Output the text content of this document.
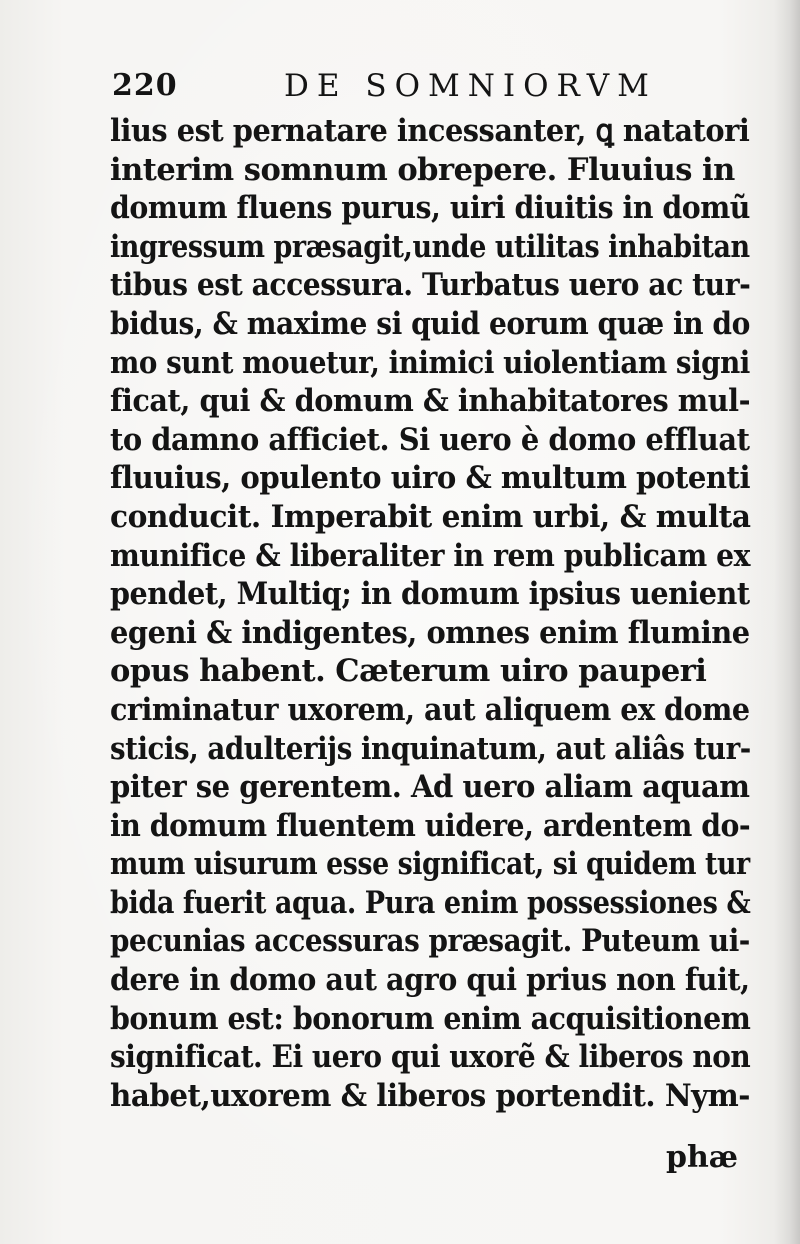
220	DE SOMNIORVM
lius est pernatare incessanter, ꝗ natatori
interim somnum obrepere. Fluuius in
domum fluens purus, uiri diuitis in domũ
ingressum præsagit,unde utilitas inhabitan
tibus est accessura. Turbatus uero ac tur-
bidus, & maxime si quid eorum quæ in do
mo sunt mouetur, inimici uiolentiam signi
ficat, qui & domum & inhabitatores mul-
to damno afficiet. Si uero è domo effluat
fluuius, opulento uiro & multum potenti
conducit. Imperabit enim urbi, & multa
munifice & liberaliter in rem publicam ex
pendet, Multiq; in domum ipsius uenient
egeni & indigentes, omnes enim flumine
opus habent. Cæterum uiro pauperi
criminatur uxorem, aut aliquem ex dome
sticis, adulterijs inquinatum, aut aliâs tur-
piter se gerentem. Ad uero aliam aquam
in domum fluentem uidere, ardentem do-
mum uisurum esse significat, si quidem tur
bida fuerit aqua. Pura enim possessiones &
pecunias accessuras præsagit. Puteum ui-
dere in domo aut agro qui prius non fuit,
bonum est: bonorum enim acquisitionem
significat. Ei uero qui uxorẽ & liberos non
habet,uxorem & liberos portendit. Nym-
phæ
